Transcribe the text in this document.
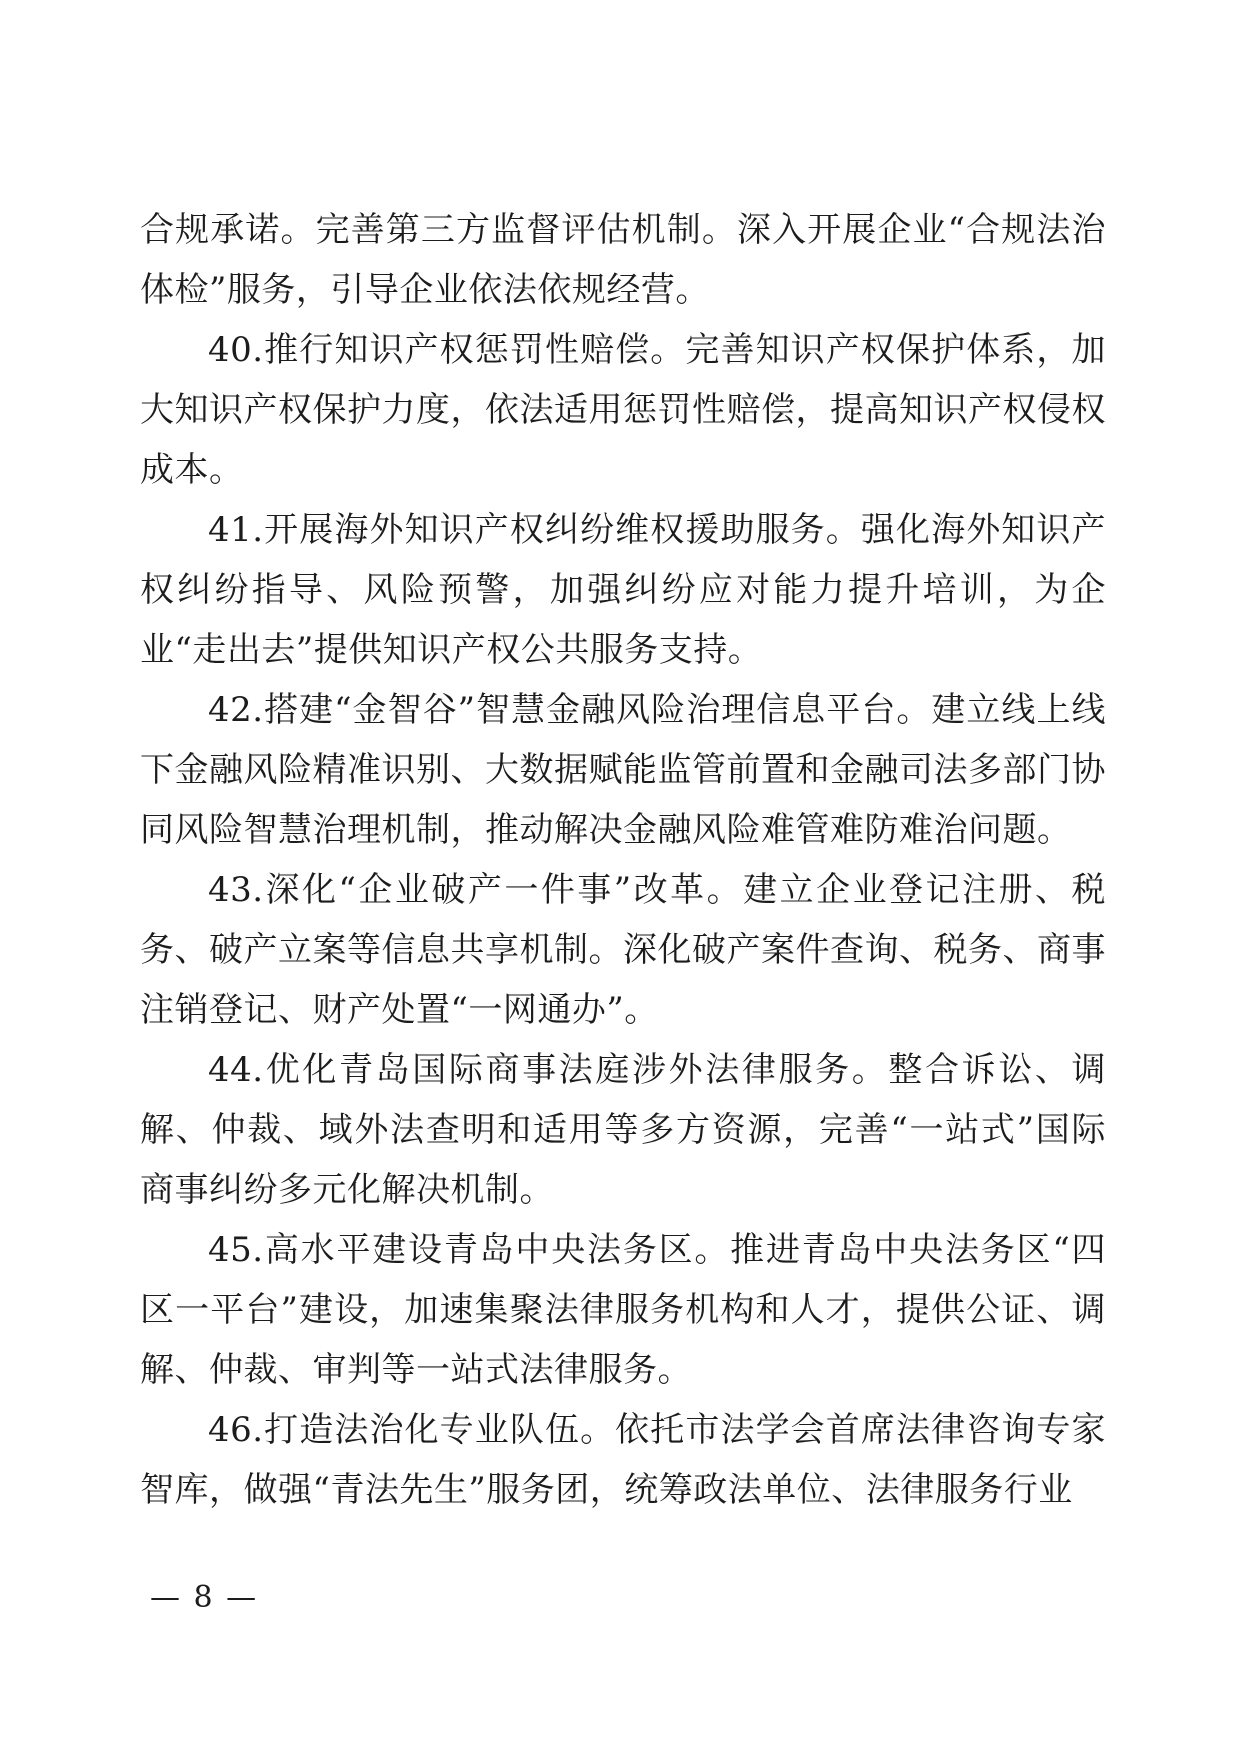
合规承诺。完善第三方监督评估机制。深入开展企业“合规法治体检”服务，引导企业依法依规经营。

40.推行知识产权惩罚性赔偿。完善知识产权保护体系，加大知识产权保护力度，依法适用惩罚性赔偿，提高知识产权侵权成本。

41.开展海外知识产权纠纷维权援助服务。强化海外知识产权纠纷指导、风险预警，加强纠纷应对能力提升培训，为企业“走出去”提供知识产权公共服务支持。

42.搭建“金智谷”智慧金融风险治理信息平台。建立线上线下金融风险精准识别、大数据赋能监管前置和金融司法多部门协同风险智慧治理机制，推动解决金融风险难管难防难治问题。

43.深化“企业破产一件事”改革。建立企业登记注册、税务、破产立案等信息共享机制。深化破产案件查询、税务、商事注销登记、财产处置“一网通办”。

44.优化青岛国际商事法庭涉外法律服务。整合诉讼、调解、仲裁、域外法查明和适用等多方资源，完善“一站式”国际商事纠纷多元化解决机制。

45.高水平建设青岛中央法务区。推进青岛中央法务区“四区一平台”建设，加速集聚法律服务机构和人才，提供公证、调解、仲裁、审判等一站式法律服务。

46.打造法治化专业队伍。依托市法学会首席法律咨询专家智库，做强“青法先生”服务团，统筹政法单位、法律服务行业

— 8 —
